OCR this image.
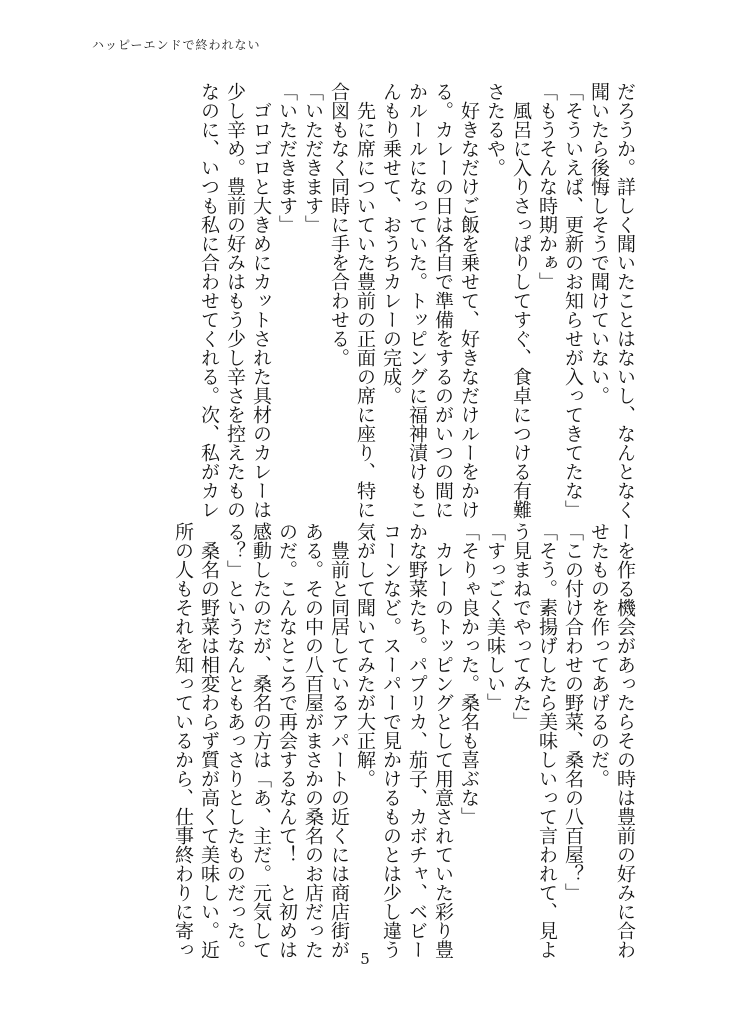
ハッピーエンドで終われない

だろうか。詳しく聞いたことはないし、なんとなく

聞いたら後悔しそうで聞けていない。

「そういえば、更新のお知らせが入ってきてたな」

「もうそんな時期かぁ」

　風呂に入りさっぱりしてすぐ、食卓につける有難

さたるや。

　好きなだけご飯を乗せて、好きなだけルーをかけ

る。カレーの日は各自で準備をするのがいつの間に

かルールになっていた。トッピングに福神漬けもこ

んもり乗せて、おうちカレーの完成。

　先に席についていた豊前の正面の席に座り、特に

合図もなく同時に手を合わせる。

「いただきます」

「いただきます」

　ゴロゴロと大きめにカットされた具材のカレーは

少し辛め。豊前の好みはもう少し辛さを控えたもの

なのに、いつも私に合わせてくれる。次、私がカレ

ーを作る機会があったらその時は豊前の好みに合わ

せたものを作ってあげるのだ。

「この付け合わせの野菜、桑名の八百屋？」

「そう。素揚げしたら美味しいって言われて、見よ

う見まねでやってみた」

「すっごく美味しい」

「そりゃ良かった。桑名も喜ぶな」

　カレーのトッピングとして用意されていた彩り豊

かな野菜たち。パプリカ、茄子、カボチャ、ベビー

コーンなど。スーパーで見かけるものとは少し違う

気がして聞いてみたが大正解。

　豊前と同居しているアパートの近くには商店街が

ある。その中の八百屋がまさかの桑名のお店だった

のだ。こんなところで再会するなんて！　と初めは

感動したのだが、桑名の方は「あ、主だ。元気して

る？」というなんともあっさりとしたものだった。

　桑名の野菜は相変わらず質が高くて美味しい。近

所の人もそれを知っているから、仕事終わりに寄っ	5
